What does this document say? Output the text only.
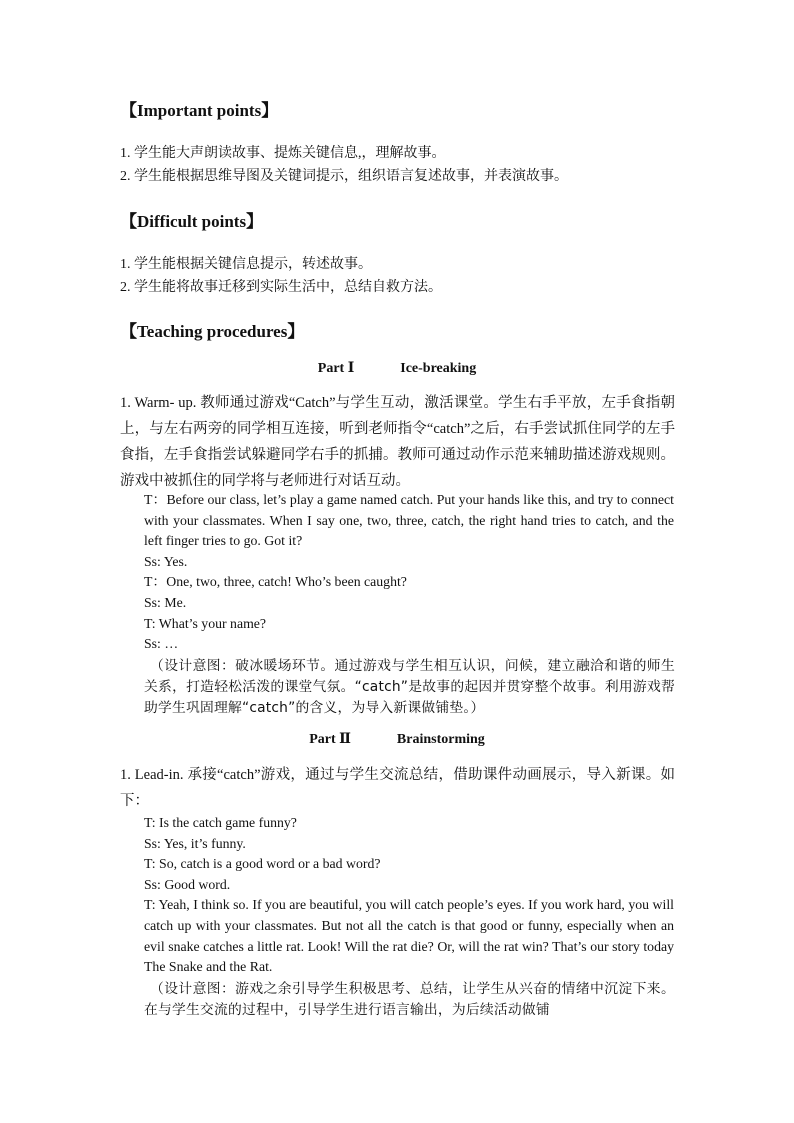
【Important points】
1. 学生能大声朗读故事、提炼关键信息,，理解故事。
2. 学生能根据思维导图及关键词提示，组织语言复述故事，并表演故事。
【Difficult points】
1. 学生能根据关键信息提示，转述故事。
2. 学生能将故事迁移到实际生活中，总结自救方法。
【Teaching procedures】
Part Ⅰ	Ice-breaking
1. Warm- up. 教师通过游戏“Catch”与学生互动，激活课堂。学生右手平放，左手食指朝上，与左右两旁的同学相互连接，听到老师指令“catch”之后，右手尝试抓住同学的左手食指，左手食指尝试躲避同学右手的抓捕。教师可通过动作示范来辅助描述游戏规则。游戏中被抓住的同学将与老师进行对话互动。

T：Before our class, let’s play a game named catch. Put your hands like this, and try to connect with your classmates. When I say one, two, three, catch, the right hand tries to catch, and the left finger tries to go. Got it?

Ss: Yes.

T：One, two, three, catch! Who’s been caught?

Ss: Me.

T: What’s your name?

Ss: …

（设计意图：破冰暖场环节。通过游戏与学生相互认识，问候，建立融洽和谐的师生关系，打造轻松活泼的课堂气氛。“catch”是故事的起因并贯穿整个故事。利用游戏帮助学生巩固理解“catch”的含义，为导入新课做铺垫。）
Part Ⅱ	Brainstorming
1. Lead-in. 承接“catch”游戏，通过与学生交流总结，借助课件动画展示，导入新课。如下：

T: Is the catch game funny?

Ss: Yes, it’s funny.

T: So, catch is a good word or a bad word?

Ss: Good word.

T: Yeah, I think so. If you are beautiful, you will catch people’s eyes. If you work hard, you will catch up with your classmates. But not all the catch is that good or funny, especially when an evil snake catches a little rat. Look! Will the rat die? Or, will the rat win? That’s our story today The Snake and the Rat.

（设计意图：游戏之余引导学生积极思考、总结，让学生从兴奋的情绪中沉淀下来。在与学生交流的过程中，引导学生进行语言输出，为后续活动做铺
